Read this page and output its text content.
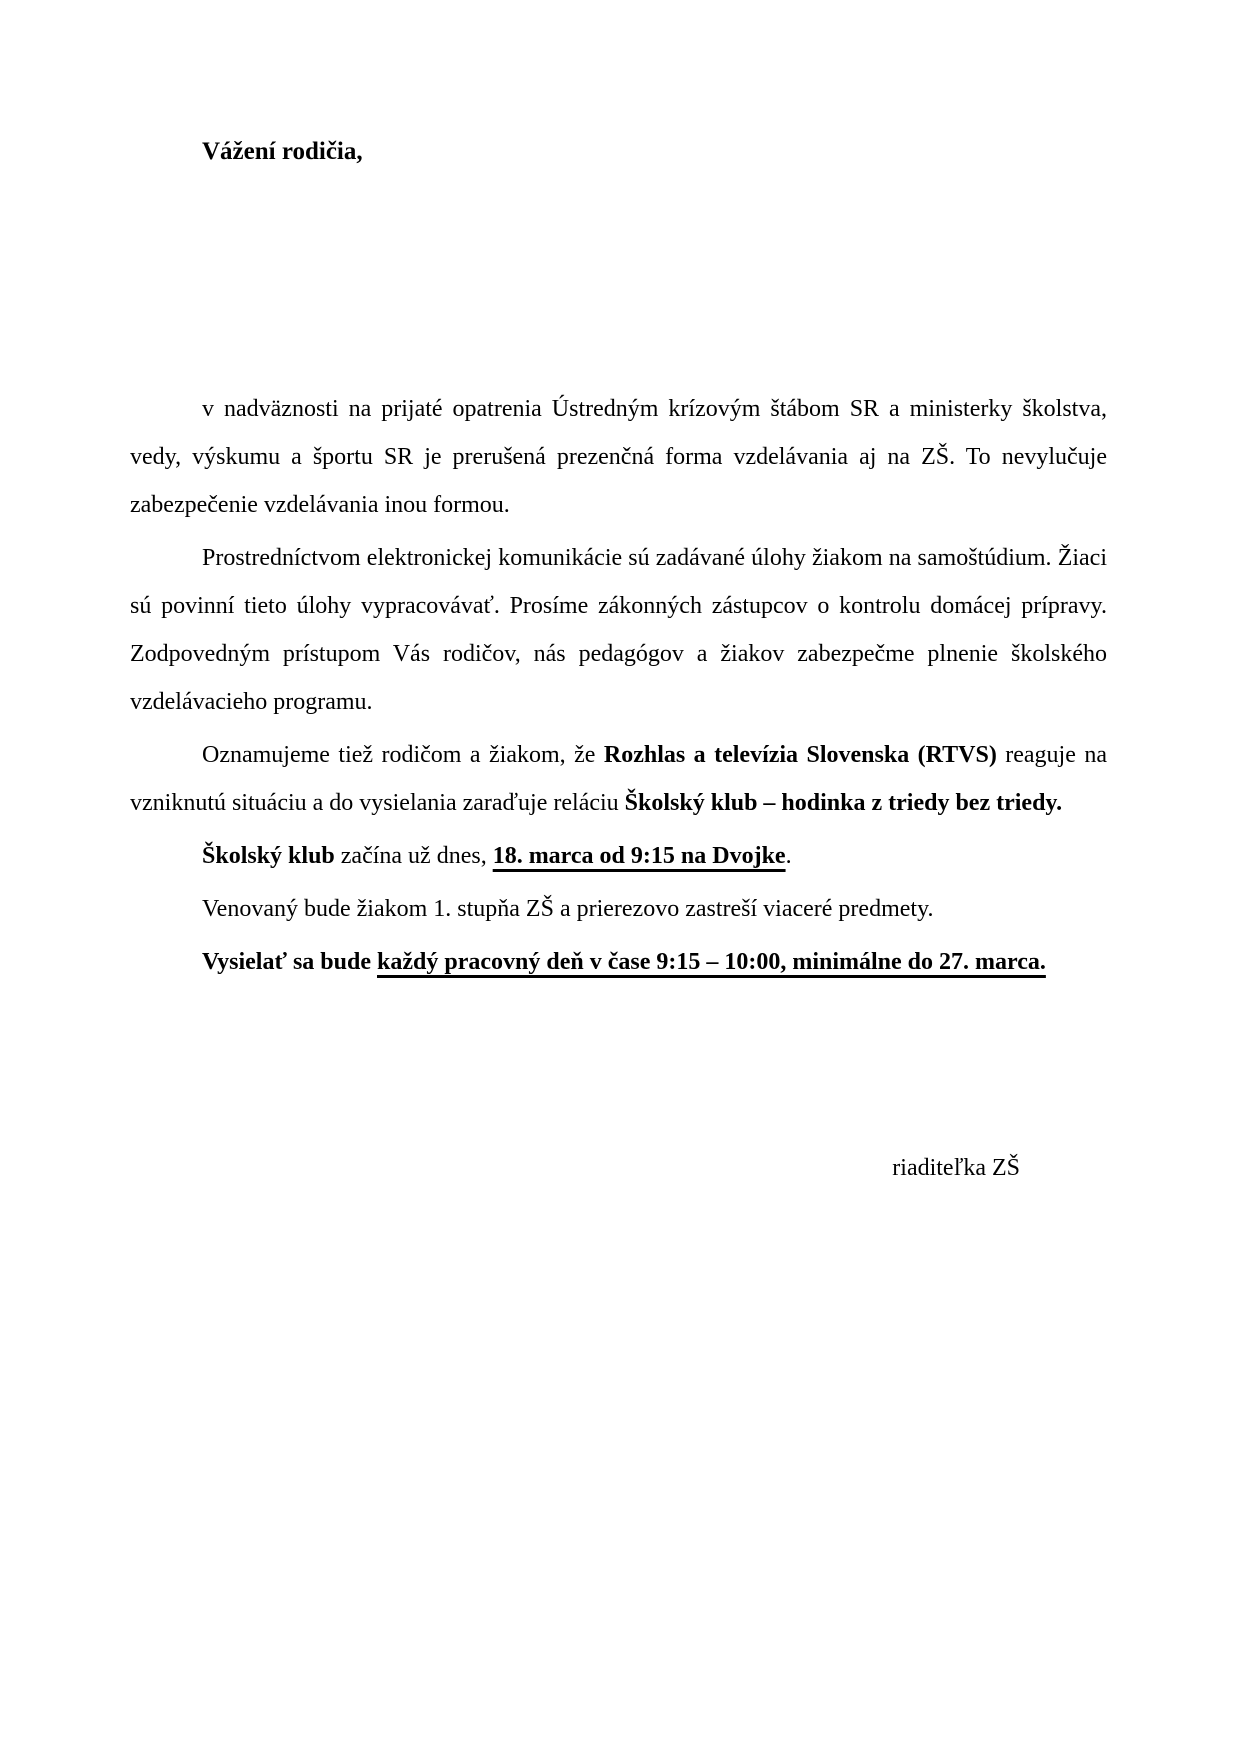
Vážení rodičia,

v nadväznosti na prijaté opatrenia Ústredným krízovým štábom SR a ministerky školstva, vedy, výskumu a športu SR je prerušená prezenčná forma vzdelávania aj na ZŠ. To nevylučuje zabezpečenie vzdelávania inou formou.

Prostredníctvom elektronickej komunikácie sú zadávané úlohy žiakom na samoštúdium. Žiaci sú povinní tieto úlohy vypracovávať. Prosíme zákonných zástupcov o kontrolu domácej prípravy. Zodpovedným prístupom Vás rodičov, nás pedagógov a žiakov zabezpečme plnenie školského vzdelávacieho programu.

Oznamujeme tiež rodičom a žiakom, že Rozhlas a televízia Slovenska (RTVS) reaguje na vzniknutú situáciu a do vysielania zaraďuje reláciu Školský klub – hodinka z triedy bez triedy.

Školský klub začína už dnes, 18. marca od 9:15 na Dvojke.

Venovaný bude žiakom 1. stupňa ZŠ a prierezovo zastreší viaceré predmety.

Vysielať sa bude každý pracovný deň v čase 9:15 – 10:00, minimálne do 27. marca.

riaditeľka ZŠ
